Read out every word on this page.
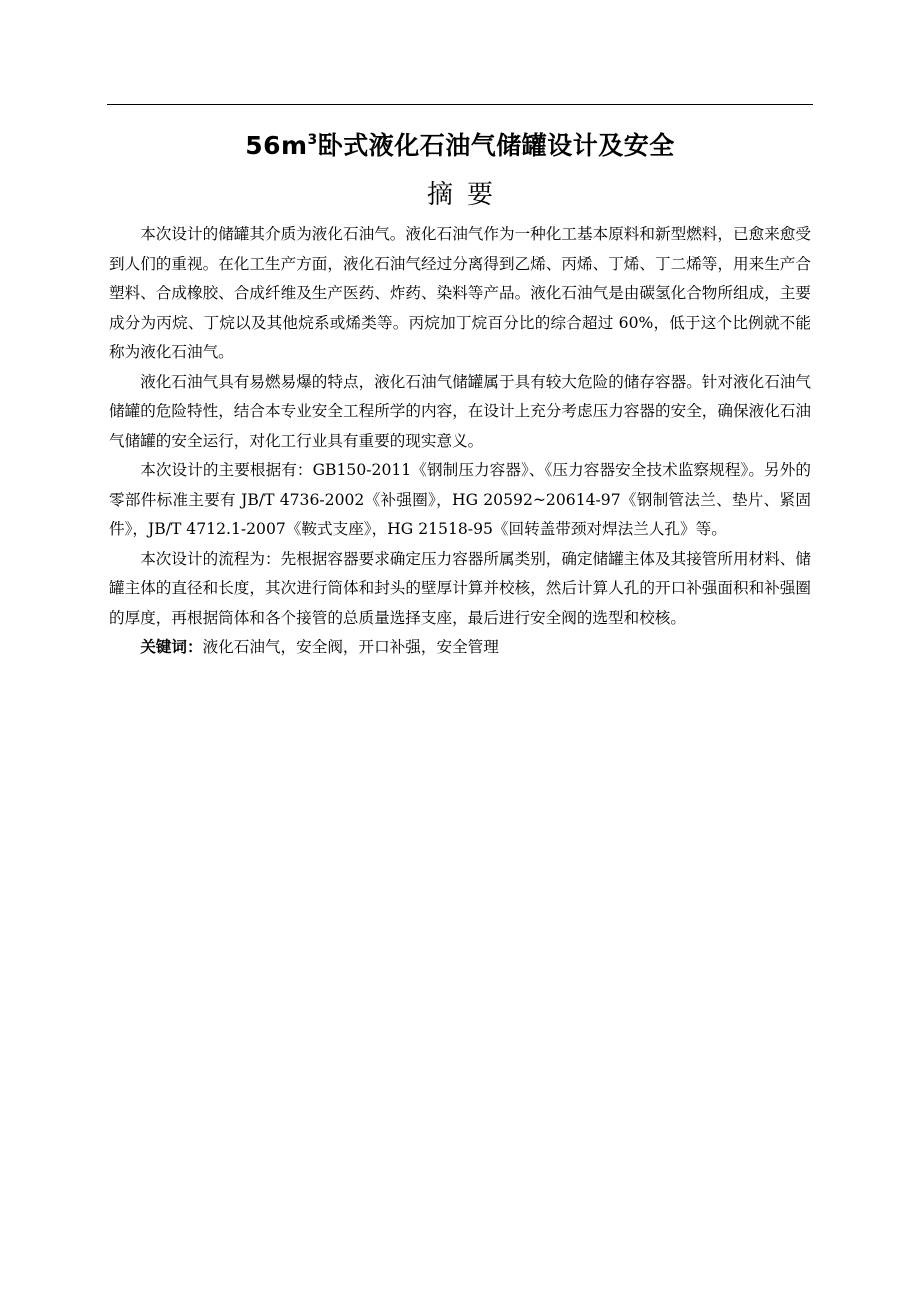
$56m^3$卧式液化石油气储罐设计及安全
摘要

本次设计的储罐其介质为液化石油气。液化石油气作为一种化工基本原料和新型燃料，已愈来愈受到人们的重视。在化工生产方面，液化石油气经过分离得到乙烯、丙烯、丁烯、丁二烯等，用来生产合塑料、合成橡胶、合成纤维及生产医药、炸药、染料等产品。液化石油气是由碳氢化合物所组成，主要成分为丙烷、丁烷以及其他烷系或烯类等。丙烷加丁烷百分比的综合超过 60%，低于这个比例就不能称为液化石油气。

液化石油气具有易燃易爆的特点，液化石油气储罐属于具有较大危险的储存容器。针对液化石油气储罐的危险特性，结合本专业安全工程所学的内容，在设计上充分考虑压力容器的安全，确保液化石油气储罐的安全运行，对化工行业具有重要的现实意义。

本次设计的主要根据有：GB150-2011《钢制压力容器》、《压力容器安全技术监察规程》。另外的零部件标准主要有 JB/T 4736-2002《补强圈》，HG 20592~20614-97《钢制管法兰、垫片、紧固件》，JB/T 4712.1-2007《鞍式支座》，HG 21518-95《回转盖带颈对焊法兰人孔》等。

本次设计的流程为：先根据容器要求确定压力容器所属类别，确定储罐主体及其接管所用材料、储罐主体的直径和长度，其次进行筒体和封头的壁厚计算并校核，然后计算人孔的开口补强面积和补强圈的厚度，再根据筒体和各个接管的总质量选择支座，最后进行安全阀的选型和校核。

关键词：液化石油气，安全阀，开口补强，安全管理
